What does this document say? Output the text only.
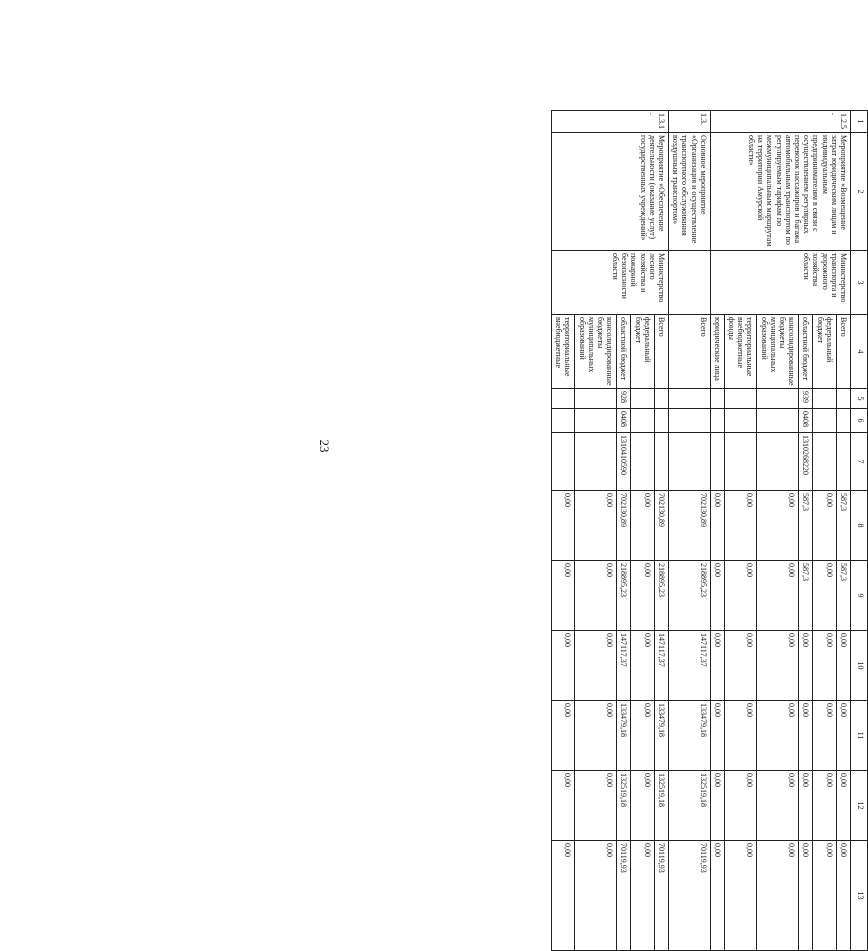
23
1	2	3	4	5	6	7	8	9	10	11	12	13
1.2.5.	Мероприятие «Возмещение затрат юридическим лицам и индивидуальным предпринимателям в связи с осуществлением регулярных перевозок пассажиров и багажа автомобильным транспортом по регулируемым тарифам по межмуниципальным маршрутам на территории Амурской области»	Министерство транспорта и дорожного хозяйства области	Всего				587,3	587,3	0,00	0,00	0,00	0,00
			федеральный бюджет				0,00	0,00	0,00	0,00	0,00	0,00
			областной бюджет	939	0408	1310268220	587,3	587,3	0,00	0,00	0,00	0,00
			консолидированные бюджеты муниципальных образований				0,00	0,00	0,00	0,00	0,00	0,00
			территориальные внебюджетные фонды				0,00	0,00	0,00	0,00	0,00	0,00
			юридические лица				0,00	0,00	0,00	0,00	0,00	0,00
1.3.	Основное мероприятие «Организация и осуществление транспортного обслуживания воздушным транспортом»		Всего				702130,89	218895,23	147117,37	133479,18	132519,18	70119,93
1.3.1.	Мероприятие «Обеспечение деятельности (оказание услуг) государственных учреждений»	Министерство лесного хозяйства и пожарной безопасности области	Всего				702130,89	218895,23	147117,37	133479,18	132519,18	70119,93
			федеральный бюджет				0,00	0,00	0,00	0,00	0,00	0,00
			областной бюджет	928	0408	1310410590	702130,89	218895,23	147117,37	133479,18	132519,18	70119,93
			консолидированные бюджеты муниципальных образований				0,00	0,00	0,00	0,00	0,00	0,00
			территориальные внебюджетные				0,00	0,00	0,00	0,00	0,00	0,00
